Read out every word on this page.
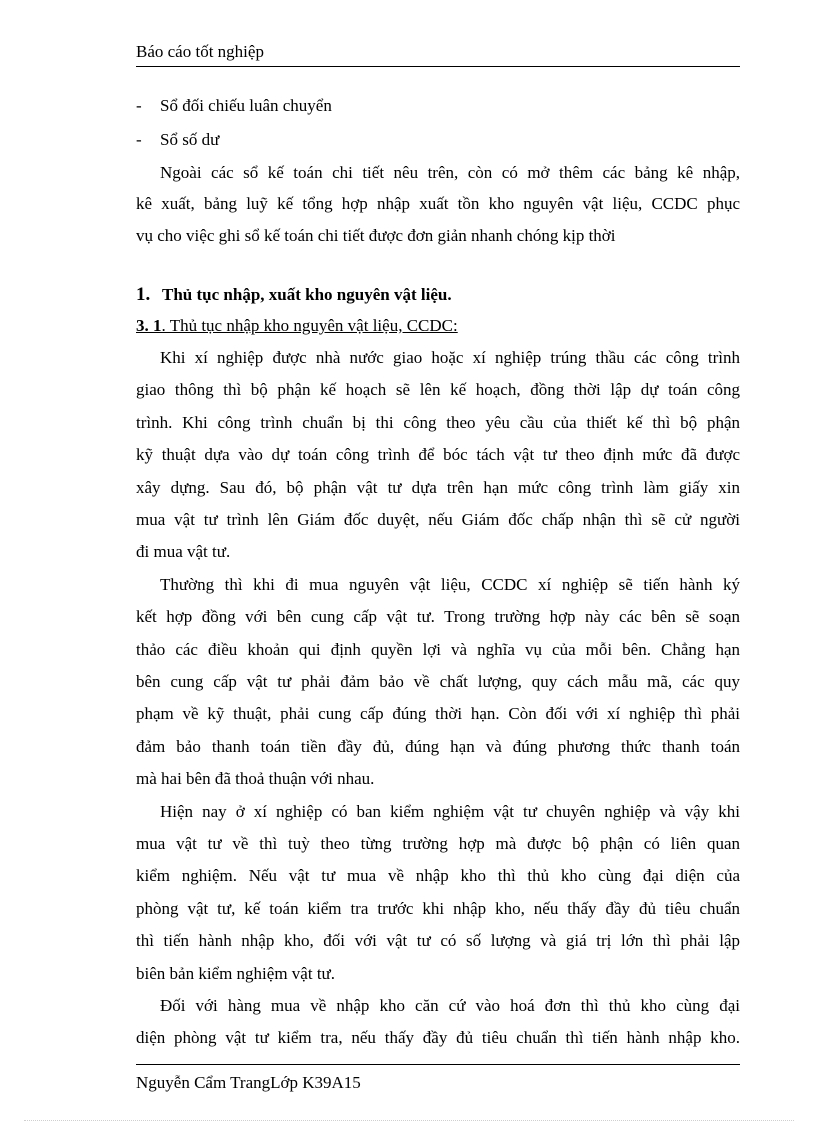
Báo cáo tốt nghiệp
- Sổ đối chiếu luân chuyển
- Sổ số dư
Ngoài các sổ kế toán chi tiết nêu trên, còn có mở thêm các bảng kê nhập,
kê xuất, bảng luỹ kế tổng hợp nhập xuất tồn kho nguyên vật liệu, CCDC phục
vụ cho việc ghi sổ kế toán chi tiết được đơn giản nhanh chóng kịp thời
1. Thủ tục nhập, xuất kho nguyên vật liệu.
3. 1. Thủ tục nhập kho nguyên vật liệu, CCDC:
Khi xí nghiệp được nhà nước giao hoặc xí nghiệp trúng thầu các công trình
giao thông thì bộ phận kế hoạch sẽ lên kế hoạch, đồng thời lập dự toán công
trình. Khi công trình chuẩn bị thi công theo yêu cầu của thiết kế thì bộ phận
kỹ thuật dựa vào dự toán công trình để bóc tách vật tư theo định mức đã được
xây dựng. Sau đó, bộ phận vật tư dựa trên hạn mức công trình làm giấy xin
mua vật tư trình lên Giám đốc duyệt, nếu Giám đốc chấp nhận thì sẽ cử người
đi mua vật tư.
Thường thì khi đi mua nguyên vật liệu, CCDC xí nghiệp sẽ tiến hành ký
kết hợp đồng với bên cung cấp vật tư. Trong trường hợp này các bên sẽ soạn
thảo các điều khoản qui định quyền lợi và nghĩa vụ của mỗi bên. Chẳng hạn
bên cung cấp vật tư phải đảm bảo về chất lượng, quy cách mẫu mã, các quy
phạm về kỹ thuật, phải cung cấp đúng thời hạn. Còn đối với xí nghiệp thì phải
đảm bảo thanh toán tiền đầy đủ, đúng hạn và đúng phương thức thanh toán
mà hai bên đã thoả thuận với nhau.
Hiện nay ở xí nghiệp có ban kiểm nghiệm vật tư chuyên nghiệp và vậy khi
mua vật tư về thì tuỳ theo từng trường hợp mà được bộ phận có liên quan
kiểm nghiệm. Nếu vật tư mua về nhập kho thì thủ kho cùng đại diện của
phòng vật tư, kế toán kiểm tra trước khi nhập kho, nếu thấy đầy đủ tiêu chuẩn
thì tiến hành nhập kho, đối với vật tư có số lượng và giá trị lớn thì phải lập
biên bản kiểm nghiệm vật tư.
Đối với hàng mua về nhập kho căn cứ vào hoá đơn thì thủ kho cùng đại
diện phòng vật tư kiểm tra, nếu thấy đầy đủ tiêu chuẩn thì tiến hành nhập kho.
Nguyễn Cẩm TrangLớp K39A15
